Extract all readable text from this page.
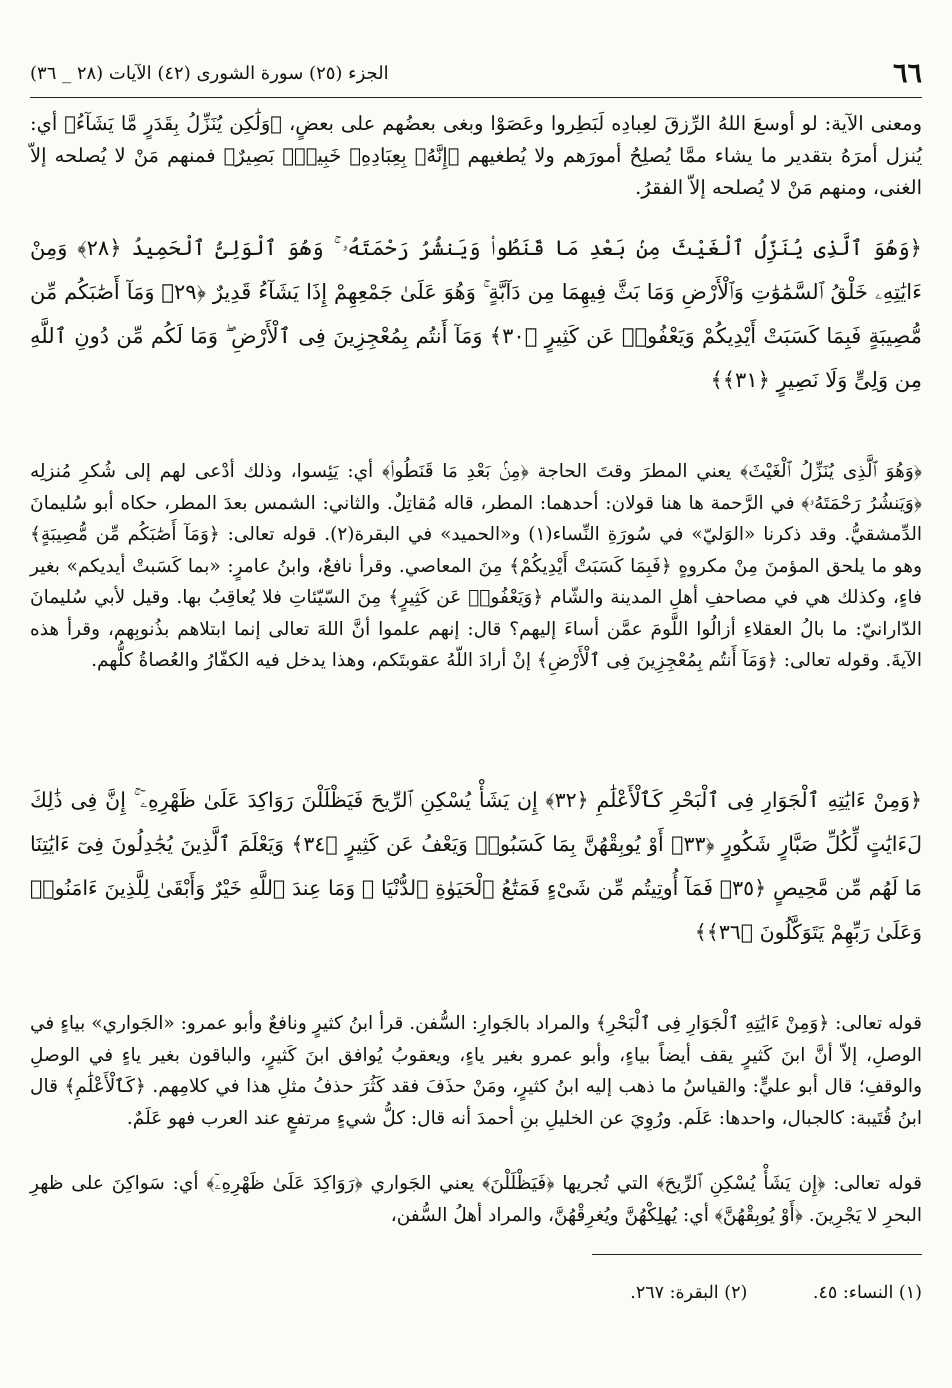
٦٦
الجزء (٢٥) سورة الشورى (٤٢) الآيات (٢٨ _ ٣٦)

ومعنى الآية: لو أوسعَ اللهُ الرِّزقَ لعِبادِه لَبَطِروا وعَصَوْا وبغى بعضُهم على بعضٍ، ﴿وَلَٰكِن يُنَزِّلُ بِقَدَرٍ مَّا يَشَآءُ﴾ أي: يُنزل أمرَهُ بتقدير ما يشاء ممَّا يُصلِحُ أمورَهم ولا يُطغيهم ﴿إِنَّهُۥ بِعِبَادِهِۦ خَبِيرُۢ بَصِيرٌ﴾ فمنهم مَنْ لا يُصلحه إلاّ الغنى، ومنهم مَنْ لا يُصلحه إلاّ الفقرُ.

﴿وَهُوَ ٱلَّذِى يُنَزِّلُ ٱلْغَيْثَ مِنۢ بَعْدِ مَا قَنَطُوا۟ وَيَنشُرُ رَحْمَتَهُۥ ۚ وَهُوَ ٱلْوَلِىُّ ٱلْحَمِيدُ ﴿٢٨﴾ وَمِنْ ءَايَٰتِهِۦ خَلْقُ ٱلسَّمَٰوَٰتِ وَٱلْأَرْضِ وَمَا بَثَّ فِيهِمَا مِن دَآبَّةٍ ۚ وَهُوَ عَلَىٰ جَمْعِهِمْ إِذَا يَشَآءُ قَدِيرٌ ﴿٢٩﴾ وَمَآ أَصَٰبَكُم مِّن مُّصِيبَةٍ فَبِمَا كَسَبَتْ أَيْدِيكُمْ وَيَعْفُوا۟ عَن كَثِيرٍ ﴿٣٠﴾ وَمَآ أَنتُم بِمُعْجِزِينَ فِى ٱلْأَرْضِ ۖ وَمَا لَكُم مِّن دُونِ ٱللَّهِ مِن وَلِىٍّ وَلَا نَصِيرٍ ﴿٣١﴾﴾

﴿وَهُوَ ٱلَّذِى يُنَزِّلُ ٱلْغَيْثَ﴾ يعني المطرَ وقتَ الحاجة ﴿مِنۢ بَعْدِ مَا قَنَطُوا۟﴾ أي: يَئِسوا، وذلك أدْعى لهم إلى شُكرِ مُنزلِه ﴿وَيَنشُرُ رَحْمَتَهُۥ﴾ في الرَّحمة ها هنا قولان: أحدهما: المطر، قاله مُقاتِلٌ. والثاني: الشمس بعدَ المطر، حكاه أبو سُليمانَ الدِّمشقيُّ. وقد ذكرنا «الوَليّ» في سُورَةِ النِّساء(١) و«الحميد» في البقرة(٢). قوله تعالى: ﴿وَمَآ أَصَٰبَكُم مِّن مُّصِيبَةٍ﴾ وهو ما يلحق المؤمنَ مِنْ مكروهٍ ﴿فَبِمَا كَسَبَتْ أَيْدِيكُمْ﴾ مِنَ المعاصي. وقرأ نافعٌ، وابنُ عامرٍ: «بما كَسَبتْ أيديكم» بغير فاءٍ، وكذلك هي في مصاحفِ أهلِ المدينة والشّام ﴿وَيَعْفُوا۟ عَن كَثِيرٍ﴾ مِنَ السّيّئاتِ فلا يُعاقِبُ بها. وقيل لأبي سُليمانَ الدّارانيّ: ما بالُ العقلاءِ أزالُوا اللَّومَ عمَّن أساءَ إليهم؟ قال: إنهم علموا أنَّ اللهَ تعالى إنما ابتلاهم بذُنوبِهم، وقرأ هذه الآيةَ. وقوله تعالى: ﴿وَمَآ أَنتُم بِمُعْجِزِينَ فِى ٱلْأَرْضِ﴾ إنْ أرادَ اللّهُ عقوبتَكم، وهذا يدخل فيه الكفّارُ والعُصاةُ كلُّهم.

﴿وَمِنْ ءَايَٰتِهِ ٱلْجَوَارِ فِى ٱلْبَحْرِ كَٱلْأَعْلَٰمِ ﴿٣٢﴾ إِن يَشَأْ يُسْكِنِ ٱلرِّيحَ فَيَظْلَلْنَ رَوَاكِدَ عَلَىٰ ظَهْرِهِۦٓ ۚ إِنَّ فِى ذَٰلِكَ لَءَايَٰتٍ لِّكُلِّ صَبَّارٍ شَكُورٍ ﴿٣٣﴾ أَوْ يُوبِقْهُنَّ بِمَا كَسَبُوا۟ وَيَعْفُ عَن كَثِيرٍ ﴿٣٤﴾ وَيَعْلَمَ ٱلَّذِينَ يُجَٰدِلُونَ فِىٓ ءَايَٰتِنَا مَا لَهُم مِّن مَّحِيصٍ ﴿٣٥﴾ فَمَآ أُوتِيتُم مِّن شَىْءٍ فَمَتَٰعُ ٱلْحَيَوٰةِ ٱلدُّنْيَا ۖ وَمَا عِندَ ٱللَّهِ خَيْرٌ وَأَبْقَىٰ لِلَّذِينَ ءَامَنُوا۟ وَعَلَىٰ رَبِّهِمْ يَتَوَكَّلُونَ ﴿٣٦﴾﴾

قوله تعالى: ﴿وَمِنْ ءَايَٰتِهِ ٱلْجَوَارِ فِى ٱلْبَحْرِ﴾ والمراد بالجَوارِ: السُّفن. قرأ ابنُ كثيرٍ ونافعٌ وأبو عمرو: «الجَواري» بياءٍ في الوصلِ، إلاّ أنَّ ابنَ كَثيرٍ يقف أيضاً بياءٍ، وأبو عمرو بغير ياءٍ، ويعقوبُ يُوافق ابنَ كَثيرٍ، والباقون بغير ياءٍ في الوصلِ والوقفِ؛ قال أبو عليٍّ: والقياسُ ما ذهب إليه ابنُ كثيرٍ، ومَنْ حذَفَ فقد كَثُرَ حذفُ مثلِ هذا في كلامِهم. ﴿كَٱلْأَعْلَٰمِ﴾ قال ابنُ قُتَيبة: كالجبال، واحدها: عَلَم. ورُوِيَ عن الخليلِ بنِ أحمدَ أنه قال: كلُّ شيءٍ مرتفعٍ عند العرب فهو عَلَمٌ.

قوله تعالى: ﴿إِن يَشَأْ يُسْكِنِ ٱلرِّيحَ﴾ التي تُجريها ﴿فَيَظْلَلْنَ﴾ يعني الجَواري ﴿رَوَاكِدَ عَلَىٰ ظَهْرِهِۦٓ﴾ أي: سَواكِنَ على ظهرِ البحرِ لا يَجْرِينَ. ﴿أَوْ يُوبِقْهُنَّ﴾ أي: يُهلِكْهُنَّ ويُغرِقْهُنَّ، والمراد أهلُ السُّفن،

(١) النساء: ٤٥. (٢) البقرة: ٢٦٧.
